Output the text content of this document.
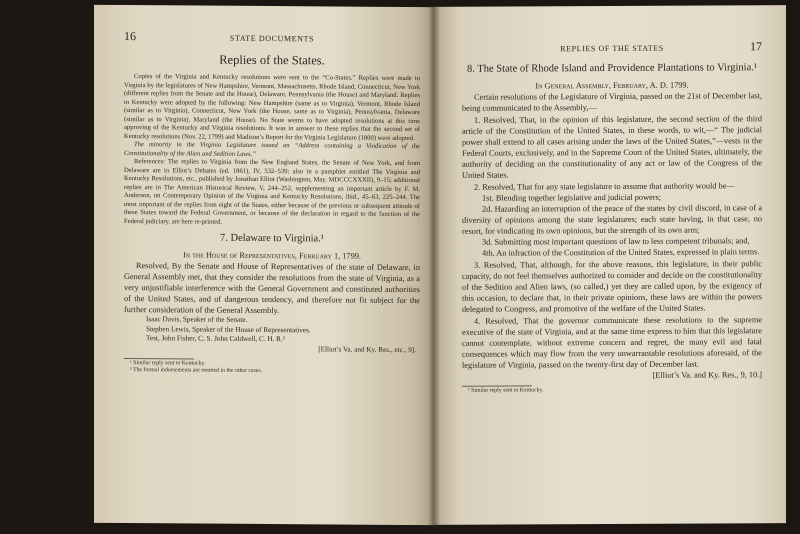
16	STATE DOCUMENTS
Replies of the States.

Copies of the Virginia and Kentucky resolutions were sent to the “Co-States.” Replies were made to Virginia by the legislatures of New Hampshire, Vermont, Massachusetts, Rhode Island, Connecticut, New York (different replies from the Senate and the House), Delaware, Pennsylvania (the House) and Maryland. Replies to Kentucky were adopted by the following: New Hampshire (same as to Virginia), Vermont, Rhode Island (similar as to Virginia), Connecticut, New York (the House, same as to Virginia), Pennsylvania, Delaware (similar as to Virginia), Maryland (the House). No State seems to have adopted resolutions at this time approving of the Kentucky and Virginia resolutions. It was in answer to these replies that the second set of Kentucky resolutions (Nov. 22, 1799) and Madison’s Report for the Virginia Legislature (1800) were adopted.

The minority in the Virginia Legislature issued an “Address containing a Vindication of the Constitutionality of the Alien and Sedition Laws.”

References: The replies to Virginia from the New England States, the Senate of New York, and from Delaware are in Elliot’s Debates (ed. 1861), IV, 532–539; also in a pamphlet entitled The Virginia and Kentucky Resolutions, etc., published by Jonathan Elliot (Washington, May, MDCCCXXXII), 9–15; additional replies are in The American Historical Review, V, 244–252, supplementing an important article by F. M. Anderson, on Contemporary Opinion of the Virginia and Kentucky Resolutions, ibid., 45–63, 225–244. The most important of the replies from eight of the States, either because of the previous or subsequent attitude of these States toward the Federal Government, or because of the declaration in regard to the function of the Federal judiciary, are here re-printed.

7. Delaware to Virginia.¹

In the House of Representatives, February 1, 1799.

Resolved, By the Senate and House of Representatives of the state of Delaware, in General Assembly met, that they consider the resolutions from the state of Virginia, as a very unjustifiable interference with the General Government and constituted authorities of the United States, and of dangerous tendency, and therefore not fit subject for the further consideration of the General Assembly.

Isaac Davis, Speaker of the Senate.
Stephen Lewis, Speaker of the House of Representatives.
Test, John Fisher, C. S. John Caldwell, C. H. R.²
[Elliot’s Va. and Ky. Res., etc., 9].
¹ Similar reply sent to Kentucky.
² The formal indorsements are omitted in the other cases.
REPLIES OF THE STATES	17
8. The State of Rhode Island and Providence Plantations to Virginia.¹

In General Assembly, February, A. D. 1799.

Certain resolutions of the Legislature of Virginia, passed on the 21st of December last, being communicated to the Assembly,—

1. Resolved, That, in the opinion of this legislature, the second section of the third article of the Constitution of the United States, in these words, to wit,—“ The judicial power shall extend to all cases arising under the laws of the United States,”—vests in the Federal Courts, exclusively, and in the Supreme Court of the United States, ultimately, the authority of deciding on the constitutionality of any act or law of the Congress of the United States.

2. Resolved, That for any state legislature to assume that authority would be—

1st. Blending together legislative and judicial powers;

2d. Hazarding an interruption of the peace of the states by civil discord, in case of a diversity of opinions among the state legislatures; each state having, in that case, no resort, for vindicating its own opinions, but the strength of its own arm;

3d. Submitting most important questions of law to less competent tribunals; and,

4th. An infraction of the Constitution of the United States, expressed in plain terms.

3. Resolved, That, although, for the above reasons, this legislature, in their public capacity, do not feel themselves authorized to consider and decide on the constitutionality of the Sedition and Alien laws, (so called,) yet they are called upon, by the exigency of this occasion, to declare that, in their private opinions, these laws are within the powers delegated to Congress, and promotive of the welfare of the United States.

4. Resolved, That the governor communicate these resolutions to the supreme executive of the state of Virginia, and at the same time express to him that this legislature cannot contemplate, without extreme concern and regret, the many evil and fatal consequences which may flow from the very unwarrantable resolutions aforesaid, of the legislature of Virginia, passed on the twenty-first day of December last.

[Elliot’s Va. and Ky. Res., 9, 10.]

¹ Similar reply sent to Kentucky.
